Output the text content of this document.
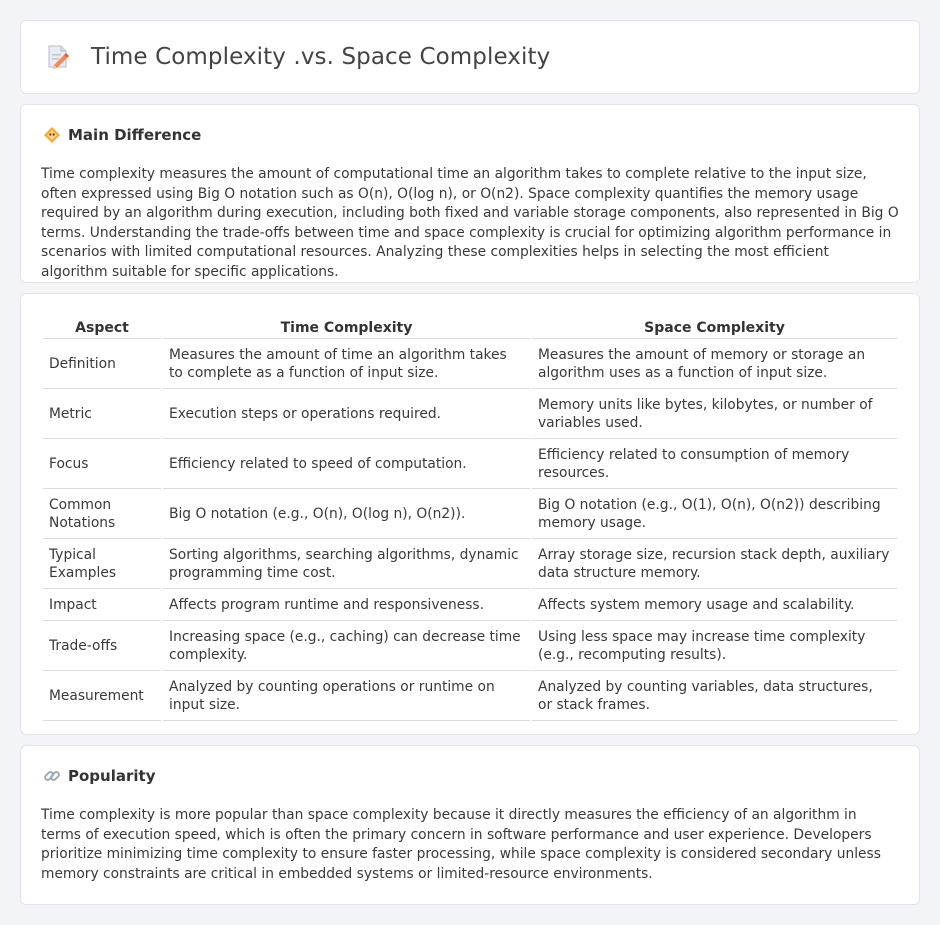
Time Complexity .vs. Space Complexity
Main Difference

Time complexity measures the amount of computational time an algorithm takes to complete relative to the input size, often expressed using Big O notation such as O(n), O(log n), or O(n2). Space complexity quantifies the memory usage required by an algorithm during execution, including both fixed and variable storage components, also represented in Big O terms. Understanding the trade-offs between time and space complexity is crucial for optimizing algorithm performance in scenarios with limited computational resources. Analyzing these complexities helps in selecting the most efficient algorithm suitable for specific applications.

Aspect	Time Complexity	Space Complexity
Definition	Measures the amount of time an algorithm takes to complete as a function of input size.	Measures the amount of memory or storage an algorithm uses as a function of input size.
Metric	Execution steps or operations required.	Memory units like bytes, kilobytes, or number of variables used.
Focus	Efficiency related to speed of computation.	Efficiency related to consumption of memory resources.
Common Notations	Big O notation (e.g., O(n), O(log n), O(n2)).	Big O notation (e.g., O(1), O(n), O(n2)) describing memory usage.
Typical Examples	Sorting algorithms, searching algorithms, dynamic programming time cost.	Array storage size, recursion stack depth, auxiliary data structure memory.
Impact	Affects program runtime and responsiveness.	Affects system memory usage and scalability.
Trade-offs	Increasing space (e.g., caching) can decrease time complexity.	Using less space may increase time complexity (e.g., recomputing results).
Measurement	Analyzed by counting operations or runtime on input size.	Analyzed by counting variables, data structures, or stack frames.
Popularity

Time complexity is more popular than space complexity because it directly measures the efficiency of an algorithm in terms of execution speed, which is often the primary concern in software performance and user experience. Developers prioritize minimizing time complexity to ensure faster processing, while space complexity is considered secondary unless memory constraints are critical in embedded systems or limited-resource environments.
